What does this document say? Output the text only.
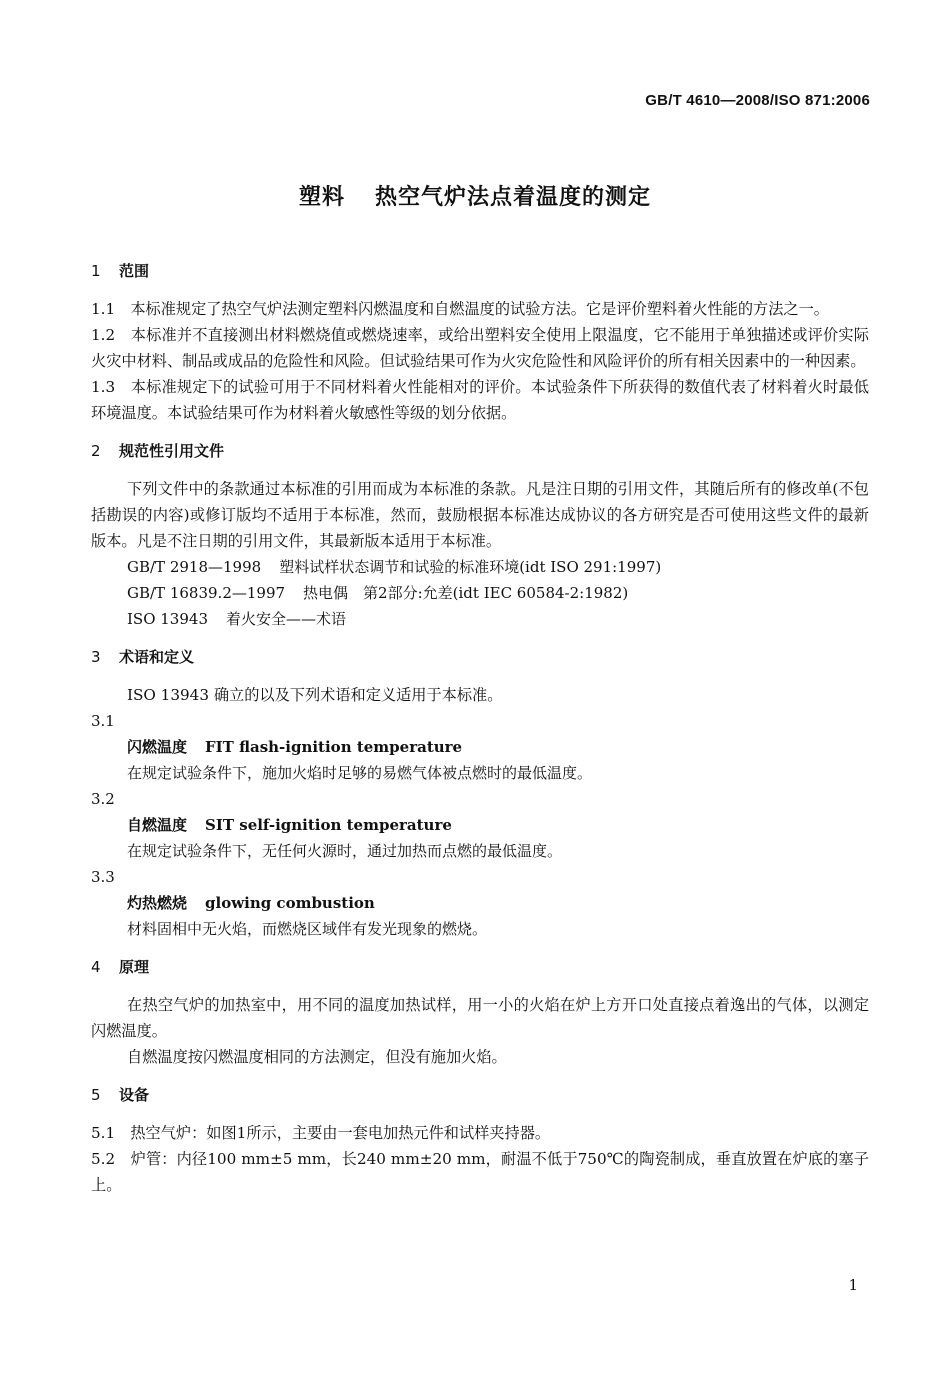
GB/T 4610—2008/ISO 871:2006
塑料 热空气炉法点着温度的测定
1 范围
1.1　本标准规定了热空气炉法测定塑料闪燃温度和自燃温度的试验方法。它是评价塑料着火性能的方法之一。
1.2　本标准并不直接测出材料燃烧值或燃烧速率，或给出塑料安全使用上限温度，它不能用于单独描述或评价实际火灾中材料、制品或成品的危险性和风险。但试验结果可作为火灾危险性和风险评价的所有相关因素中的一种因素。
1.3　本标准规定下的试验可用于不同材料着火性能相对的评价。本试验条件下所获得的数值代表了材料着火时最低环境温度。本试验结果可作为材料着火敏感性等级的划分依据。
2 规范性引用文件
下列文件中的条款通过本标准的引用而成为本标准的条款。凡是注日期的引用文件，其随后所有的修改单(不包括勘误的内容)或修订版均不适用于本标准，然而，鼓励根据本标准达成协议的各方研究是否可使用这些文件的最新版本。凡是不注日期的引用文件，其最新版本适用于本标准。
GB/T 2918—1998 塑料试样状态调节和试验的标准环境(idt ISO 291:1997)
GB/T 16839.2—1997 热电偶　第2部分:允差(idt IEC 60584-2:1982)
ISO 13943 着火安全——术语
3 术语和定义
ISO 13943 确立的以及下列术语和定义适用于本标准。
3.1
闪燃温度 FIT flash-ignition temperature
在规定试验条件下，施加火焰时足够的易燃气体被点燃时的最低温度。
3.2
自燃温度 SIT self-ignition temperature
在规定试验条件下，无任何火源时，通过加热而点燃的最低温度。
3.3
灼热燃烧 glowing combustion
材料固相中无火焰，而燃烧区域伴有发光现象的燃烧。
4 原理
在热空气炉的加热室中，用不同的温度加热试样，用一小的火焰在炉上方开口处直接点着逸出的气体，以测定闪燃温度。
自燃温度按闪燃温度相同的方法测定，但没有施加火焰。
5 设备
5.1　热空气炉：如图1所示，主要由一套电加热元件和试样夹持器。
5.2　炉管：内径100 mm±5 mm，长240 mm±20 mm，耐温不低于750℃的陶瓷制成，垂直放置在炉底的塞子上。
1
